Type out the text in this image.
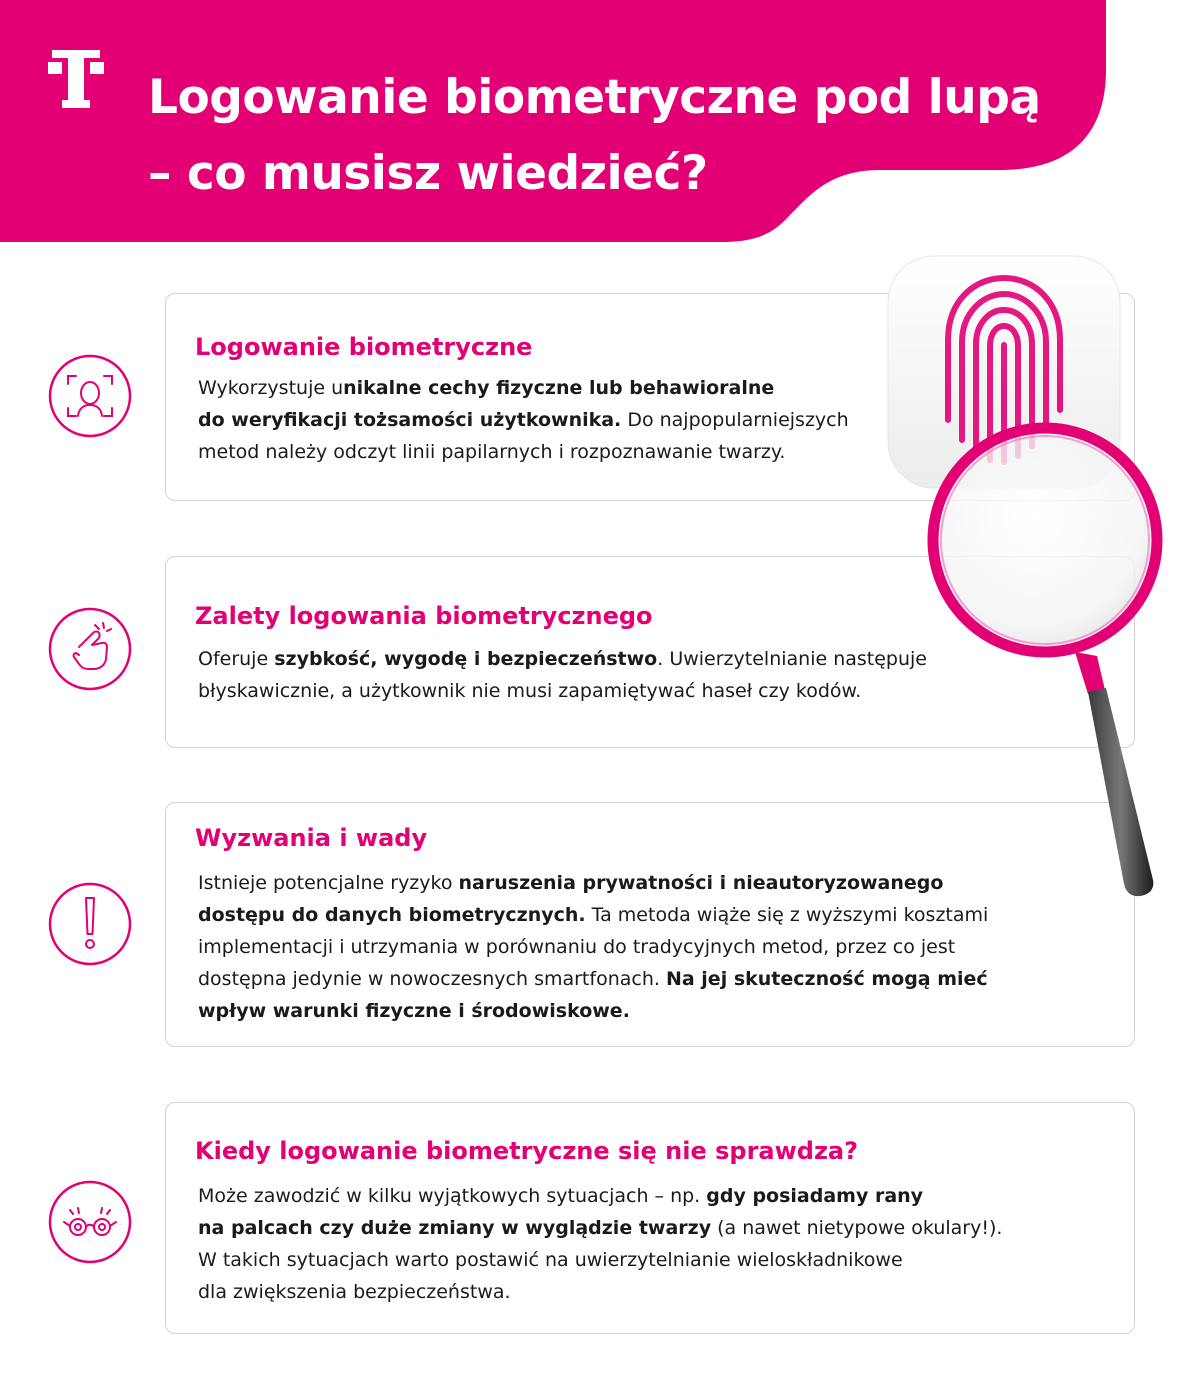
Logowanie biometryczne pod lupą
– co musisz wiedzieć?
Logowanie biometryczne

Wykorzystuje unikalne cechy fizyczne lub behawioralne
do weryfikacji tożsamości użytkownika. Do najpopularniejszych
metod należy odczyt linii papilarnych i rozpoznawanie twarzy.

Zalety logowania biometrycznego

Oferuje szybkość, wygodę i bezpieczeństwo. Uwierzytelnianie następuje
błyskawicznie, a użytkownik nie musi zapamiętywać haseł czy kodów.

Wyzwania i wady

Istnieje potencjalne ryzyko naruszenia prywatności i nieautoryzowanego
dostępu do danych biometrycznych. Ta metoda wiąże się z wyższymi kosztami
implementacji i utrzymania w porównaniu do tradycyjnych metod, przez co jest
dostępna jedynie w nowoczesnych smartfonach. Na jej skuteczność mogą mieć
wpływ warunki fizyczne i środowiskowe.

Kiedy logowanie biometryczne się nie sprawdza?

Może zawodzić w kilku wyjątkowych sytuacjach – np. gdy posiadamy rany
na palcach czy duże zmiany w wyglądzie twarzy (a nawet nietypowe okulary!).
W takich sytuacjach warto postawić na uwierzytelnianie wieloskładnikowe
dla zwiększenia bezpieczeństwa.
